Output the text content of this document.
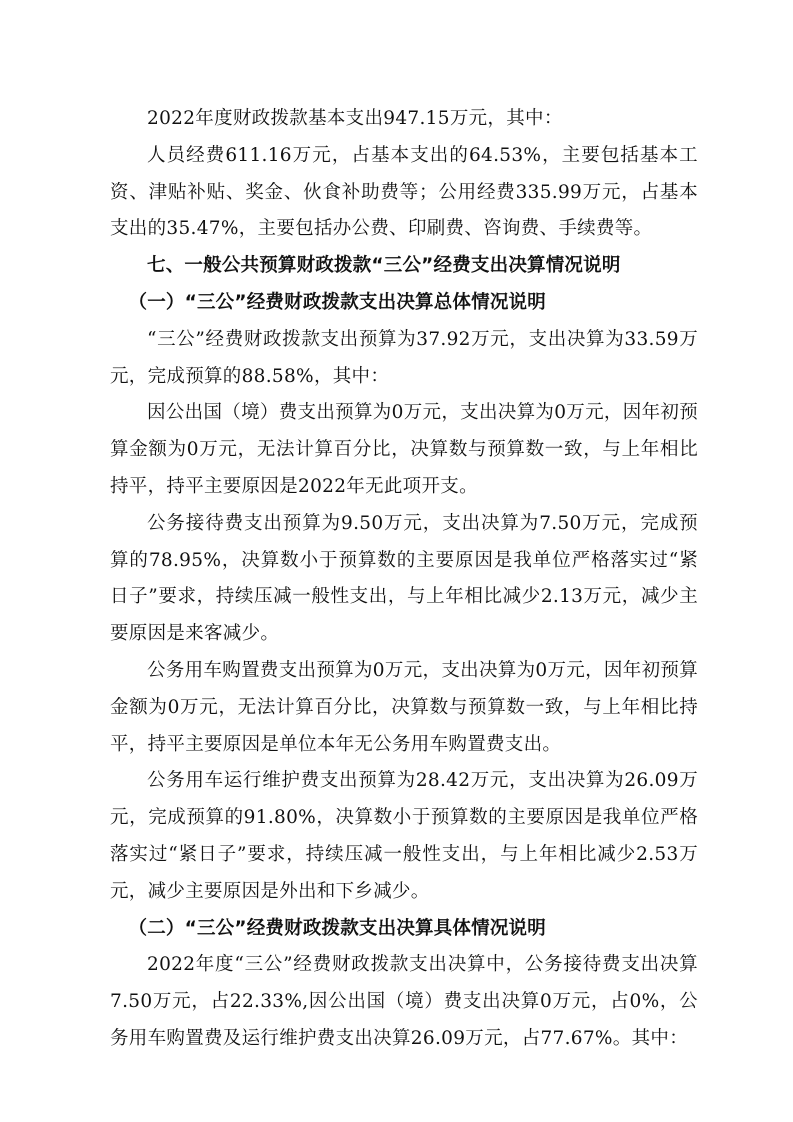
2022年度财政拨款基本支出947.15万元，其中：

人员经费611.16万元，占基本支出的64.53%，主要包括基本工资、津贴补贴、奖金、伙食补助费等；公用经费335.99万元，占基本支出的35.47%，主要包括办公费、印刷费、咨询费、手续费等。

七、一般公共预算财政拨款“三公”经费支出决算情况说明

（一）“三公”经费财政拨款支出决算总体情况说明

“三公”经费财政拨款支出预算为37.92万元，支出决算为33.59万元，完成预算的88.58%，其中：

因公出国（境）费支出预算为0万元，支出决算为0万元，因年初预算金额为0万元，无法计算百分比，决算数与预算数一致，与上年相比持平，持平主要原因是2022年无此项开支。

公务接待费支出预算为9.50万元，支出决算为7.50万元，完成预算的78.95%，决算数小于预算数的主要原因是我单位严格落实过“紧日子”要求，持续压减一般性支出，与上年相比减少2.13万元，减少主要原因是来客减少。

公务用车购置费支出预算为0万元，支出决算为0万元，因年初预算金额为0万元，无法计算百分比，决算数与预算数一致，与上年相比持平，持平主要原因是单位本年无公务用车购置费支出。

公务用车运行维护费支出预算为28.42万元，支出决算为26.09万元，完成预算的91.80%，决算数小于预算数的主要原因是我单位严格落实过“紧日子”要求，持续压减一般性支出，与上年相比减少2.53万元，减少主要原因是外出和下乡减少。

（二）“三公”经费财政拨款支出决算具体情况说明

2022年度“三公”经费财政拨款支出决算中，公务接待费支出决算7.50万元，占22.33%,因公出国（境）费支出决算0万元，占0%，公务用车购置费及运行维护费支出决算26.09万元，占77.67%。其中：
